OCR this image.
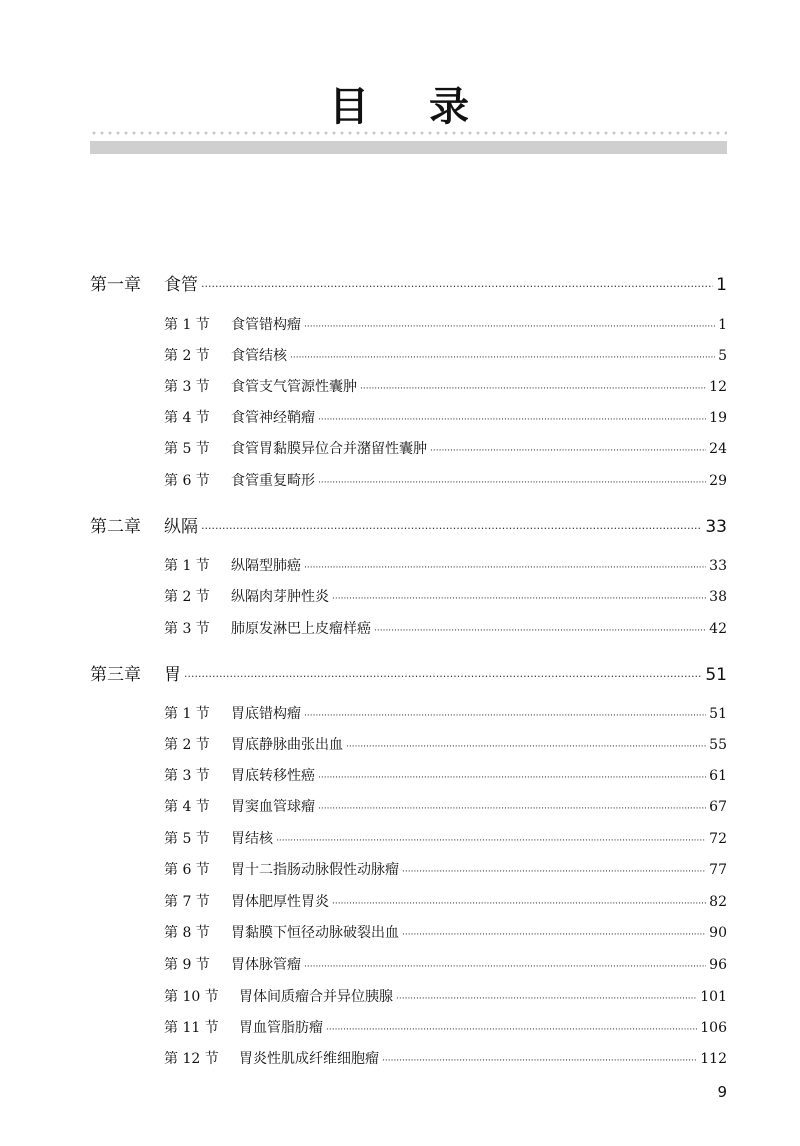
目 录
第一章	食管 ·····	1
第 1 节	食管错构瘤 ·····	1
第 2 节	食管结核 ·····	5
第 3 节	食管支气管源性囊肿 ·····	12
第 4 节	食管神经鞘瘤 ·····	19
第 5 节	食管胃黏膜异位合并潴留性囊肿 ·····	24
第 6 节	食管重复畸形 ·····	29
第二章	纵隔 ·····	33
第 1 节	纵隔型肺癌 ·····	33
第 2 节	纵隔肉芽肿性炎 ·····	38
第 3 节	肺原发淋巴上皮瘤样癌 ·····	42
第三章	胃 ·····	51
第 1 节	胃底错构瘤 ·····	51
第 2 节	胃底静脉曲张出血 ·····	55
第 3 节	胃底转移性癌 ·····	61
第 4 节	胃窦血管球瘤 ·····	67
第 5 节	胃结核 ·····	72
第 6 节	胃十二指肠动脉假性动脉瘤 ·····	77
第 7 节	胃体肥厚性胃炎 ·····	82
第 8 节	胃黏膜下恒径动脉破裂出血 ·····	90
第 9 节	胃体脉管瘤 ·····	96
第 10 节	胃体间质瘤合并异位胰腺 ·····	101
第 11 节	胃血管脂肪瘤 ·····	106
第 12 节	胃炎性肌成纤维细胞瘤 ·····	112
9
